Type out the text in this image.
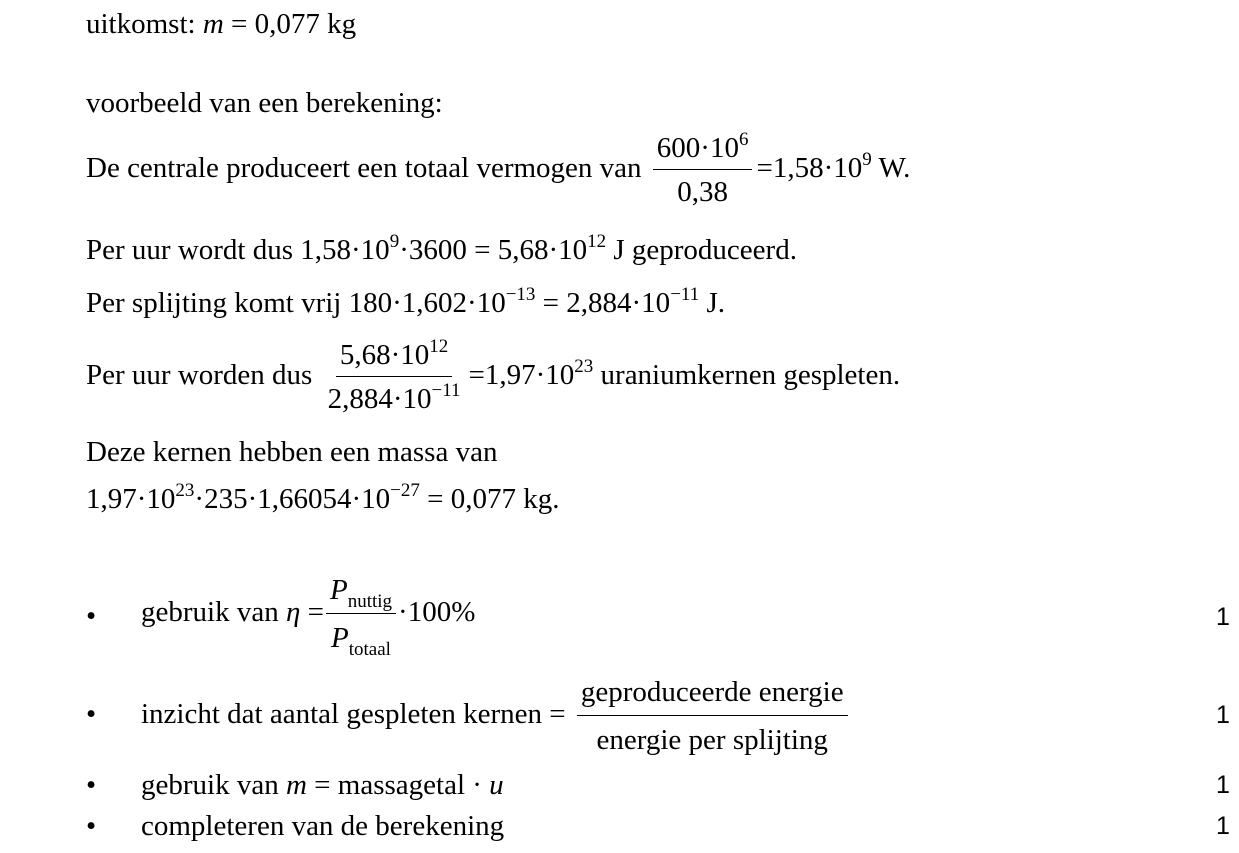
uitkomst: m = 0,077 kg
voorbeeld van een berekening:
De centrale produceert een totaal vermogen van $\frac{600\cdot 10^6}{0,38} =1,58\cdot 10^9$ W.
Per uur wordt dus $1,58\cdot 10^9\cdot 3600 = 5,68\cdot 10^{12}$ J geproduceerd.
Per splijting komt vrij $180\cdot 1,602\cdot 10^{-13} = 2,884\cdot 10^{-11}$ J.
Per uur worden dus $\frac{5,68\cdot 10^{12}}{2,884\cdot 10^{-11}} =1,97\cdot 10^{23}$ uraniumkernen gespleten.
Deze kernen hebben een massa van
$1,97\cdot 10^{23}\cdot 235\cdot 1,66054\cdot 10^{-27} = 0,077$ kg.
• gebruik van $\eta = \frac{P_{nuttig}}{P_{totaal}} \cdot 100\%$	1
• inzicht dat aantal gespleten kernen = $\frac{\text{geproduceerde energie}}{\text{energie per splijting}}$	1
• gebruik van m = massagetal · u	1
• completeren van de berekening	1
